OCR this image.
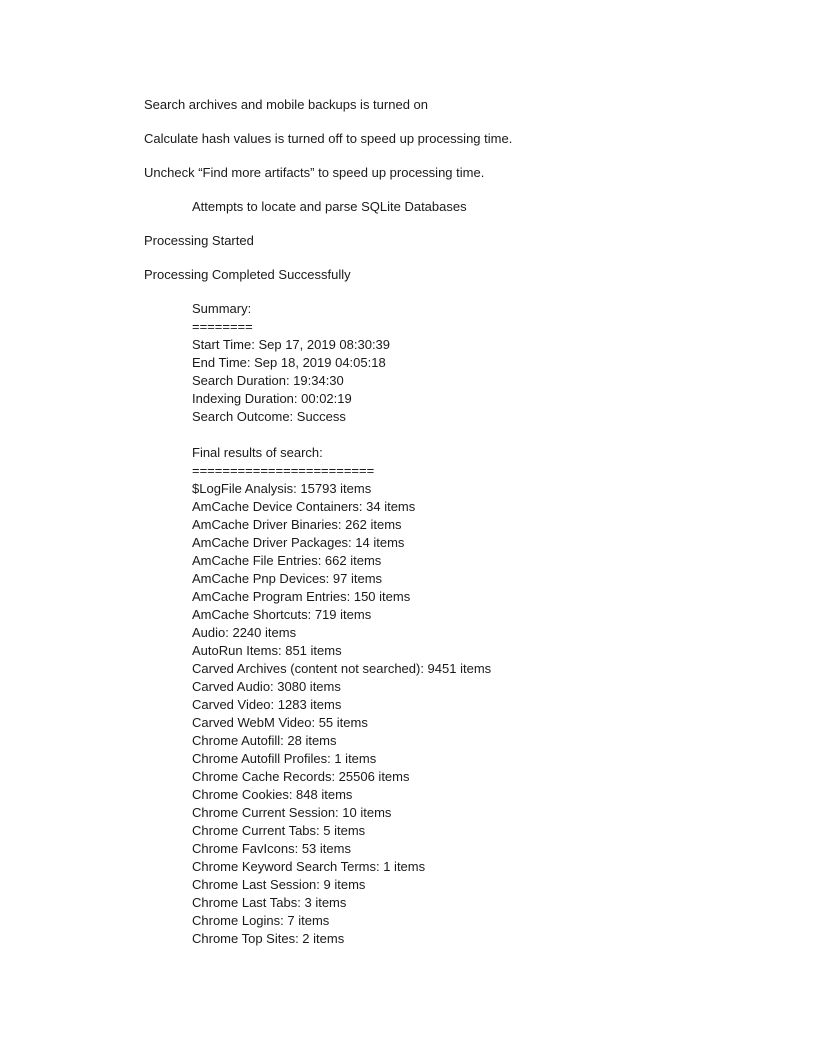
Search archives and mobile backups is turned on

Calculate hash values is turned off to speed up processing time.

Uncheck “Find more artifacts” to speed up processing time.

Attempts to locate and parse SQLite Databases

Processing Started

Processing Completed Successfully

Summary:
========
Start Time: Sep 17, 2019 08:30:39
End Time: Sep 18, 2019 04:05:18
Search Duration: 19:34:30
Indexing Duration: 00:02:19
Search Outcome: Success
Final results of search:
========================
$LogFile Analysis: 15793 items
AmCache Device Containers: 34 items
AmCache Driver Binaries: 262 items
AmCache Driver Packages: 14 items
AmCache File Entries: 662 items
AmCache Pnp Devices: 97 items
AmCache Program Entries: 150 items
AmCache Shortcuts: 719 items
Audio: 2240 items
AutoRun Items: 851 items
Carved Archives (content not searched): 9451 items
Carved Audio: 3080 items
Carved Video: 1283 items
Carved WebM Video: 55 items
Chrome Autofill: 28 items
Chrome Autofill Profiles: 1 items
Chrome Cache Records: 25506 items
Chrome Cookies: 848 items
Chrome Current Session: 10 items
Chrome Current Tabs: 5 items
Chrome FavIcons: 53 items
Chrome Keyword Search Terms: 1 items
Chrome Last Session: 9 items
Chrome Last Tabs: 3 items
Chrome Logins: 7 items
Chrome Top Sites: 2 items
